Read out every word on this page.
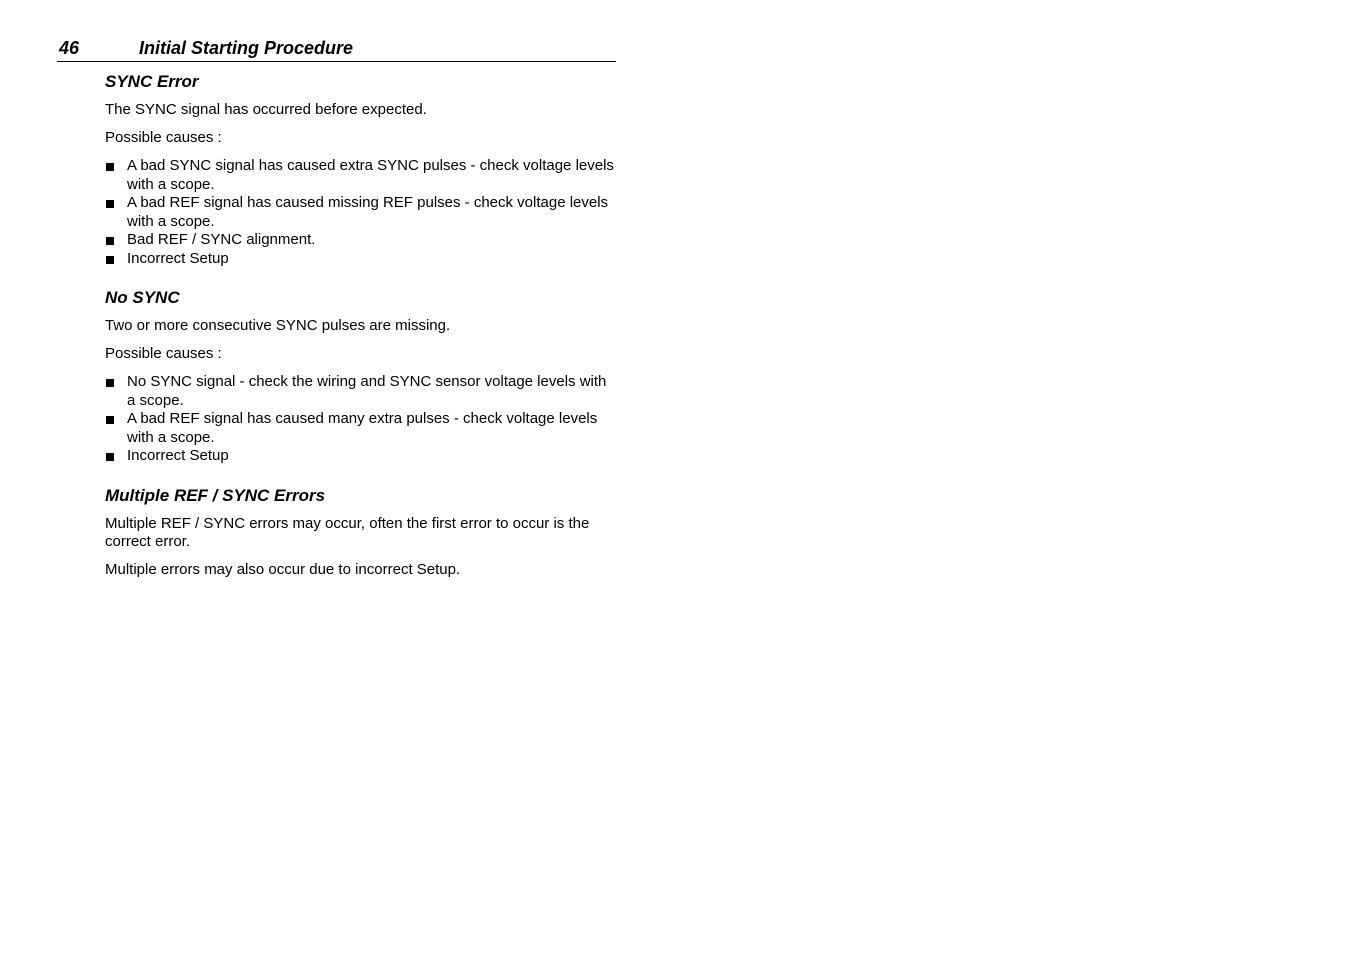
46	Initial Starting Procedure
SYNC Error

The SYNC signal has occurred before expected.

Possible causes :

A bad SYNC signal has caused extra SYNC pulses - check voltage levels with a scope.
A bad REF signal has caused missing REF pulses - check voltage levels with a scope.
Bad REF / SYNC alignment.
Incorrect Setup
No SYNC

Two or more consecutive SYNC pulses are missing.

Possible causes :

No SYNC signal - check the wiring and SYNC sensor voltage levels with a scope.
A bad REF signal has caused many extra pulses - check voltage levels with a scope.
Incorrect Setup
Multiple REF / SYNC Errors

Multiple REF / SYNC errors may occur, often the first error to occur is the correct error.

Multiple errors may also occur due to incorrect Setup.
